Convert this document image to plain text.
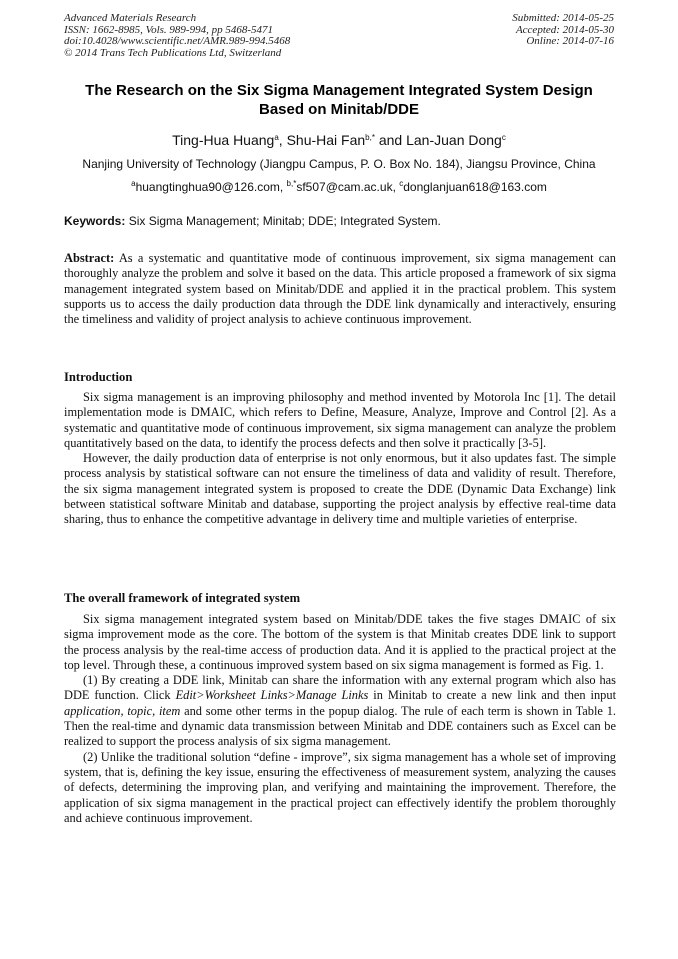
Advanced Materials Research
ISSN: 1662-8985, Vols. 989-994, pp 5468-5471
doi:10.4028/www.scientific.net/AMR.989-994.5468
© 2014 Trans Tech Publications Ltd, Switzerland
Submitted: 2014-05-25
Accepted: 2014-05-30
Online: 2014-07-16
The Research on the Six Sigma Management Integrated System Design
Based on Minitab/DDE
Ting-Hua Huang$^a$, Shu-Hai Fan$^{b,*}$ and Lan-Juan Dong$^c$
Nanjing University of Technology (Jiangpu Campus, P. O. Box No. 184), Jiangsu Province, China
$^a$huangtinghua90@126.com, $^{b,*}$sf507@cam.ac.uk, $^c$donglanjuan618@163.com
Keywords: Six Sigma Management; Minitab; DDE; Integrated System.
Abstract: As a systematic and quantitative mode of continuous improvement, six sigma management can thoroughly analyze the problem and solve it based on the data. This article proposed a framework of six sigma management integrated system based on Minitab/DDE and applied it in the practical problem. This system supports us to access the daily production data through the DDE link dynamically and interactively, ensuring the timeliness and validity of project analysis to achieve continuous improvement.
Introduction

Six sigma management is an improving philosophy and method invented by Motorola Inc [1]. The detail implementation mode is DMAIC, which refers to Define, Measure, Analyze, Improve and Control [2]. As a systematic and quantitative mode of continuous improvement, six sigma management can analyze the problem quantitatively based on the data, to identify the process defects and then solve it practically [3-5].

However, the daily production data of enterprise is not only enormous, but it also updates fast. The simple process analysis by statistical software can not ensure the timeliness of data and validity of result. Therefore, the six sigma management integrated system is proposed to create the DDE (Dynamic Data Exchange) link between statistical software Minitab and database, supporting the project analysis by effective real-time data sharing, thus to enhance the competitive advantage in delivery time and multiple varieties of enterprise.

The overall framework of integrated system

Six sigma management integrated system based on Minitab/DDE takes the five stages DMAIC of six sigma improvement mode as the core. The bottom of the system is that Minitab creates DDE link to support the process analysis by the real-time access of production data. And it is applied to the practical project at the top level. Through these, a continuous improved system based on six sigma management is formed as Fig. 1.

(1) By creating a DDE link, Minitab can share the information with any external program which also has DDE function. Click Edit>Worksheet Links>Manage Links in Minitab to create a new link and then input application, topic, item and some other terms in the popup dialog. The rule of each term is shown in Table 1. Then the real-time and dynamic data transmission between Minitab and DDE containers such as Excel can be realized to support the process analysis of six sigma management.

(2) Unlike the traditional solution “define - improve”, six sigma management has a whole set of improving system, that is, defining the key issue, ensuring the effectiveness of measurement system, analyzing the causes of defects, determining the improving plan, and verifying and maintaining the improvement. Therefore, the application of six sigma management in the practical project can effectively identify the problem thoroughly and achieve continuous improvement.
